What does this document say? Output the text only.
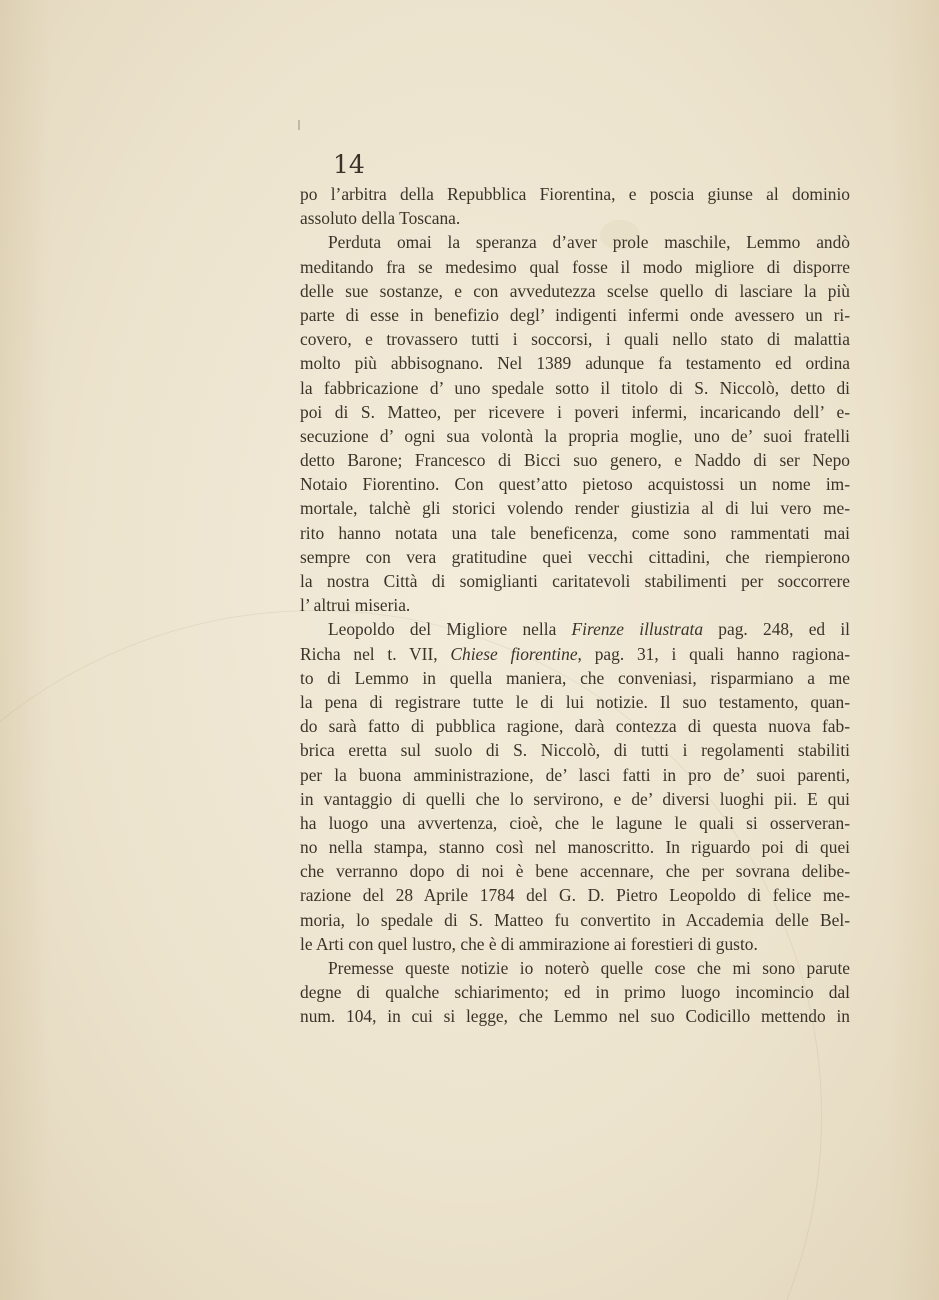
14
po l’arbitra della Repubblica Fiorentina, e poscia giunse al dominio
assoluto della Toscana.
Perduta omai la speranza d’aver prole maschile, Lemmo andò
meditando fra se medesimo qual fosse il modo migliore di disporre
delle sue sostanze, e con avvedutezza scelse quello di lasciare la più
parte di esse in benefizio degl’ indigenti infermi onde avessero un ri-
covero, e trovassero tutti i soccorsi, i quali nello stato di malattia
molto più abbisognano. Nel 1389 adunque fa testamento ed ordina
la fabbricazione d’ uno spedale sotto il titolo di S. Niccolò, detto di
poi di S. Matteo, per ricevere i poveri infermi, incaricando dell’ e-
secuzione d’ ogni sua volontà la propria moglie, uno de’ suoi fratelli
detto Barone; Francesco di Bicci suo genero, e Naddo di ser Nepo
Notaio Fiorentino. Con quest’atto pietoso acquistossi un nome im-
mortale, talchè gli storici volendo render giustizia al di lui vero me-
rito hanno notata una tale beneficenza, come sono rammentati mai
sempre con vera gratitudine quei vecchi cittadini, che riempierono
la nostra Città di somiglianti caritatevoli stabilimenti per soccorrere
l’ altrui miseria.
Leopoldo del Migliore nella Firenze illustrata pag. 248, ed il
Richa nel t. VII, Chiese fiorentine, pag. 31, i quali hanno ragiona-
to di Lemmo in quella maniera, che conveniasi, risparmiano a me
la pena di registrare tutte le di lui notizie. Il suo testamento, quan-
do sarà fatto di pubblica ragione, darà contezza di questa nuova fab-
brica eretta sul suolo di S. Niccolò, di tutti i regolamenti stabiliti
per la buona amministrazione, de’ lasci fatti in pro de’ suoi parenti,
in vantaggio di quelli che lo servirono, e de’ diversi luoghi pii. E qui
ha luogo una avvertenza, cioè, che le lagune le quali si osserveran-
no nella stampa, stanno così nel manoscritto. In riguardo poi di quei
che verranno dopo di noi è bene accennare, che per sovrana delibe-
razione del 28 Aprile 1784 del G. D. Pietro Leopoldo di felice me-
moria, lo spedale di S. Matteo fu convertito in Accademia delle Bel-
le Arti con quel lustro, che è di ammirazione ai forestieri di gusto.
Premesse queste notizie io noterò quelle cose che mi sono parute
degne di qualche schiarimento; ed in primo luogo incomincio dal
num. 104, in cui si legge, che Lemmo nel suo Codicillo mettendo in
